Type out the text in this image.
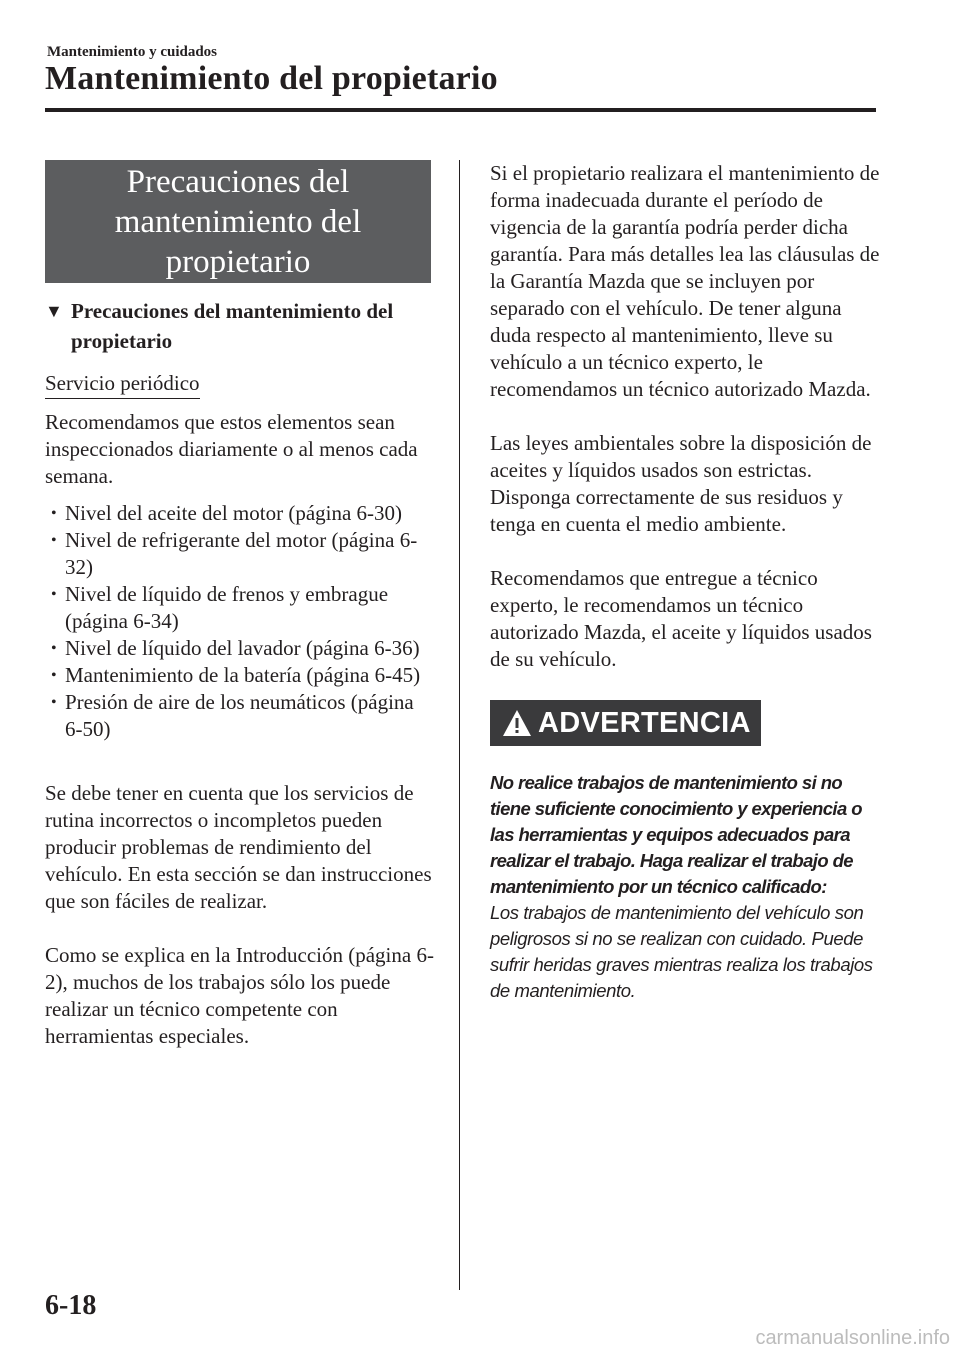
Mantenimiento y cuidados
Mantenimiento del propietario
Precauciones del mantenimiento del propietario
▼ Precauciones del mantenimiento del propietario
Servicio periódico

Recomendamos que estos elementos sean inspeccionados diariamente o al menos cada semana.

• Nivel del aceite del motor (página 6-30)
• Nivel de refrigerante del motor (página 6-32)
• Nivel de líquido de frenos y embrague (página 6-34)
• Nivel de líquido del lavador (página 6-36)
• Mantenimiento de la batería (página 6-45)
• Presión de aire de los neumáticos (página 6-50)

Se debe tener en cuenta que los servicios de rutina incorrectos o incompletos pueden producir problemas de rendimiento del vehículo. En esta sección se dan instrucciones que son fáciles de realizar.

Como se explica en la Introducción (página 6-2), muchos de los trabajos sólo los puede realizar un técnico competente con herramientas especiales.

Si el propietario realizara el mantenimiento de forma inadecuada durante el período de vigencia de la garantía podría perder dicha garantía. Para más detalles lea las cláusulas de la Garantía Mazda que se incluyen por separado con el vehículo. De tener alguna duda respecto al mantenimiento, lleve su vehículo a un técnico experto, le recomendamos un técnico autorizado Mazda.

Las leyes ambientales sobre la disposición de aceites y líquidos usados son estrictas. Disponga correctamente de sus residuos y tenga en cuenta el medio ambiente.

Recomendamos que entregue a técnico experto, le recomendamos un técnico autorizado Mazda, el aceite y líquidos usados de su vehículo.

ADVERTENCIA
No realice trabajos de mantenimiento si no tiene suficiente conocimiento y experiencia o las herramientas y equipos adecuados para realizar el trabajo. Haga realizar el trabajo de mantenimiento por un técnico calificado:
Los trabajos de mantenimiento del vehículo son peligrosos si no se realizan con cuidado. Puede sufrir heridas graves mientras realiza los trabajos de mantenimiento.
6-18
carmanualsonline.info
